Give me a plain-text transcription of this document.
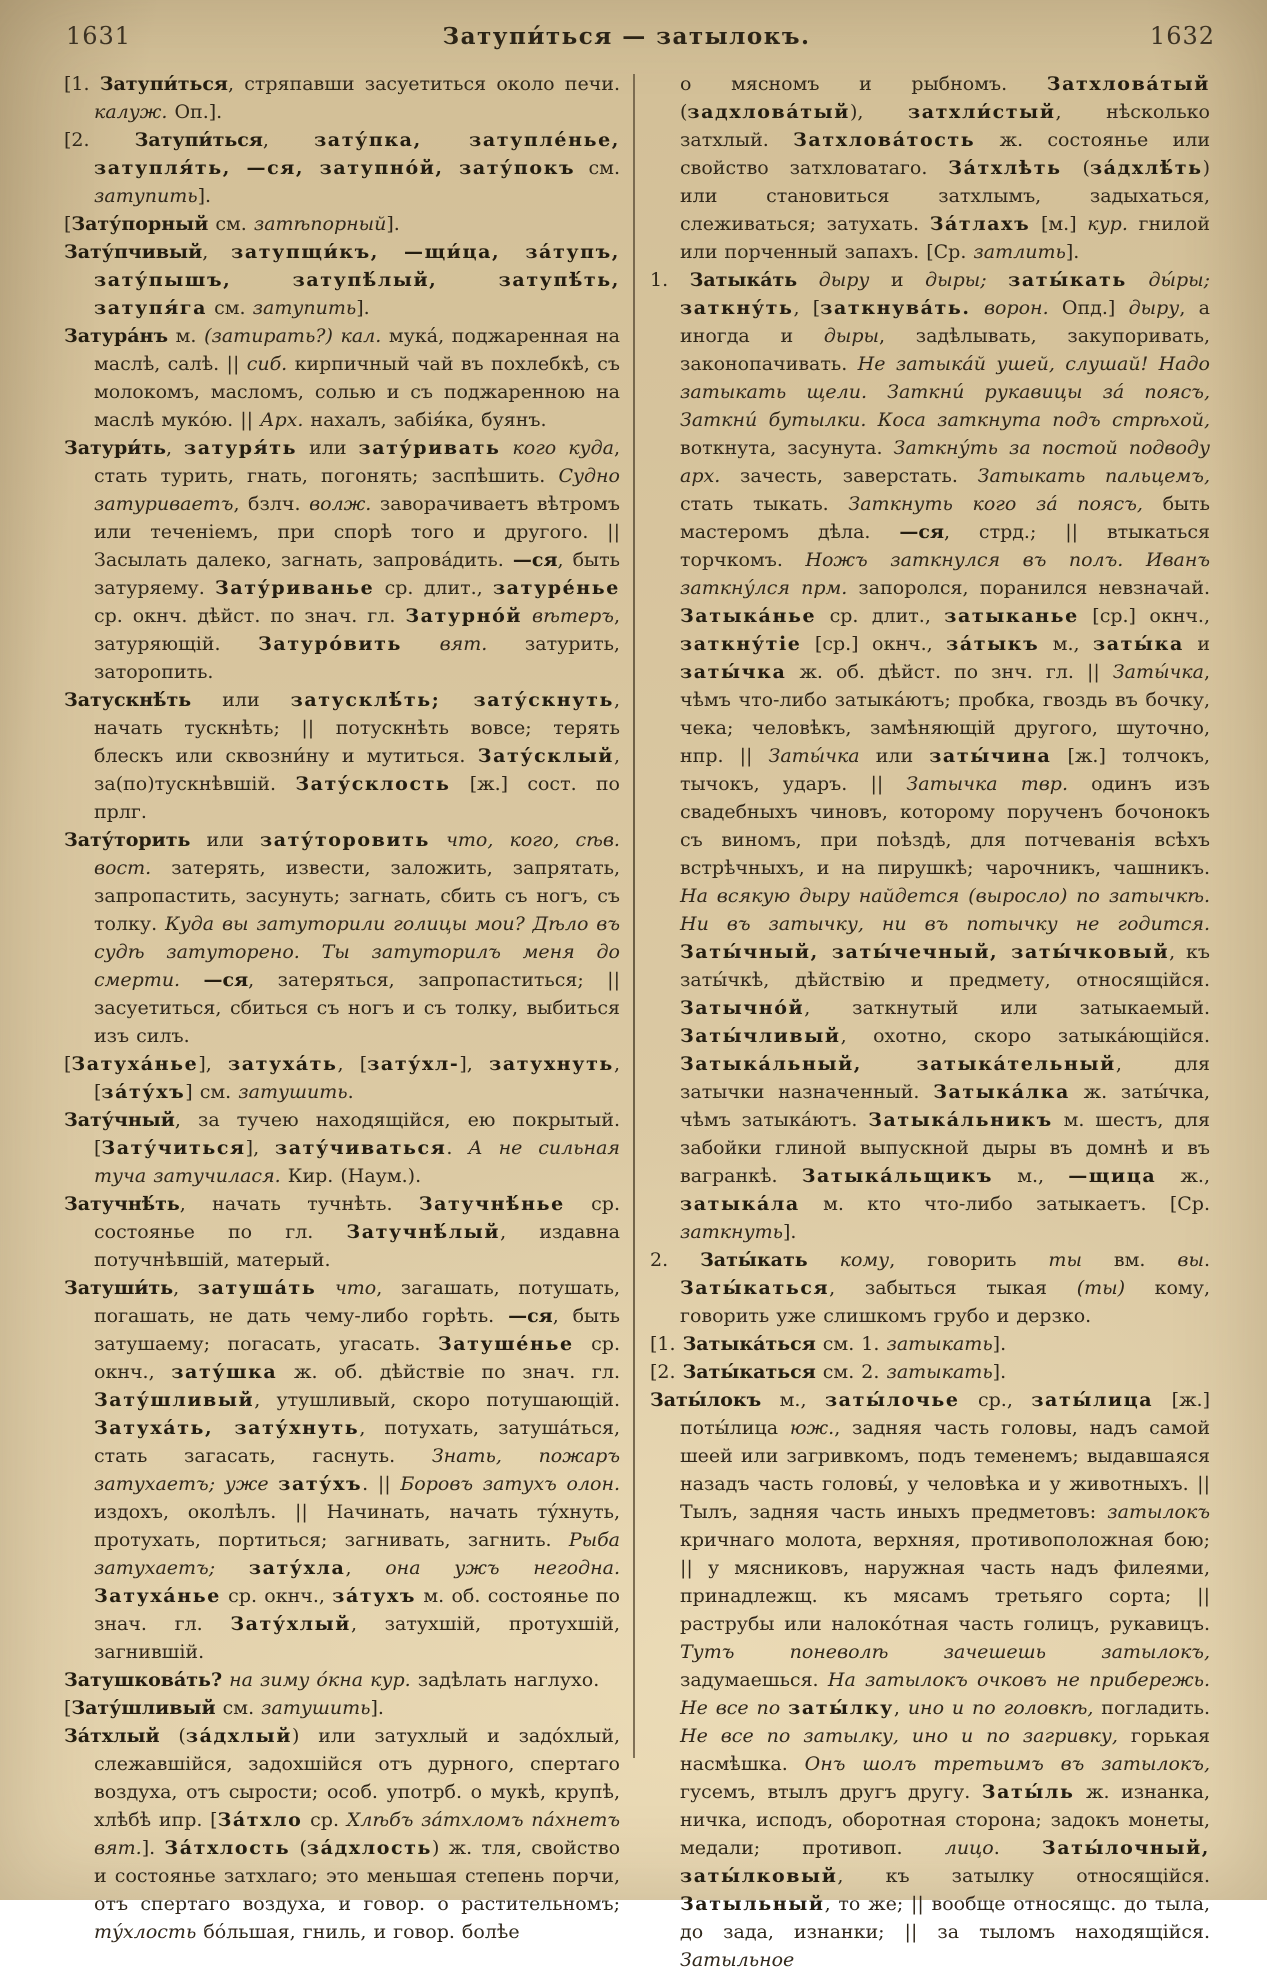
1631	Затупи́ться — затылокъ.	1632

[1. Затупи́ться, стряпавши засуетиться около печи. калуж. Оп.].

[2. Затупи́ться, зату́пка, затупле́нье, затупля́ть, —ся, затупно́й, зату́покъ см. затупить].

[Зату́порный см. затѣпорный].

Зату́пчивый, затупщи́къ, —щи́ца, за́тупъ, зату́пышъ, затупѣ́лый, затупѣ́ть, затупя́га см. затупить].

Затура́нъ м. (затирать?) кал. мука́, поджаренная на маслѣ, салѣ. || сиб. кирпичный чай въ похлебкѣ, съ молокомъ, масломъ, солью и съ поджаренною на маслѣ муко́ю. || Арх. нахалъ, забія́ка, буянъ.

Затури́ть, затуря́ть или зату́ривать кого куда, стать турить, гнать, погонять; заспѣшить. Судно затуриваетъ, бзлч. волж. заворачиваетъ вѣтромъ или теченіемъ, при спорѣ того и другого. || Засылать далеко, загнать, запрова́дить. —ся, быть затуряему. Зату́риванье ср. длит., затуре́нье ср. окнч. дѣйст. по знач. гл. Затурно́й вѣтеръ, затуряющій. Затуро́вить вят. затурить, заторопить.

Затускнѣ́ть или затусклѣ́ть; зату́скнуть, начать тускнѣть; || потускнѣть вовсе; терять блескъ или сквозни́ну и мутиться. Зату́склый, за(по)тускнѣвшій. Зату́склость [ж.] сост. по прлг.

Зату́торить или зату́торовить что, кого, сѣв. вост. затерять, извести, заложить, запрятать, запропастить, засунуть; загнать, сбить съ ногъ, съ толку. Куда вы затуторили голицы мои? Дѣло въ судѣ затуторено. Ты затуторилъ меня до смерти. —ся, затеряться, запропаститься; || засуетиться, сбиться съ ногъ и съ толку, выбиться изъ силъ.

[Затуха́нье], затуха́ть, [зату́хл-], затухнуть, [за́ту́хъ] см. затушить.

Зату́чный, за тучею находящійся, ею покрытый. [Зату́читься], зату́чиваться. А не сильная туча затучилася. Кир. (Наум.).

Затучнѣ́ть, начать тучнѣть. Затучнѣ́нье ср. состоянье по гл. Затучнѣ́лый, издавна потучнѣвшій, матерый.

Затуши́ть, затуша́ть что, загашать, потушать, погашать, не дать чему-либо горѣть. —ся, быть затушаему; погасать, угасать. Затуше́нье ср. окнч., зату́шка ж. об. дѣйствіе по знач. гл. Зату́шливый, утушливый, скоро потушающій. Затуха́ть, зату́хнуть, потухать, затуша́ться, стать загасать, гаснуть. Знать, пожаръ затухаетъ; уже зату́хъ. || Боровъ затухъ олон. издохъ, околѣлъ. || Начинать, начать ту́хнуть, протухать, портиться; загнивать, загнить. Рыба затухаетъ; зату́хла, она ужъ негодна. Затуха́нье ср. окнч., за́тухъ м. об. состоянье по знач. гл. Зату́хлый, затухшій, протухшій, загнившій.

Затушкова́ть? на зиму о́кна кур. задѣлать наглухо.

[Зату́шливый см. затушить].

За́тхлый (за́дхлый) или затухлый и задо́хлый, слежавшійся, задохшійся отъ дурного, спертаго воздуха, отъ сырости; особ. употрб. о мукѣ, крупѣ, хлѣбѣ ипр. [За́тхло ср. Хлѣбъ за́тхломъ па́хнетъ вят.]. За́тхлость (за́дхлость) ж. тля, свойство и состоянье затхлаго; это меньшая степень порчи, отъ спертаго воздуха, и говор. о растительномъ; ту́хлость бо́льшая, гниль, и говор. болѣе

о мясномъ и рыбномъ. Затхлова́тый (задхлова́тый), затхли́стый, нѣсколько затхлый. Затхлова́тость ж. состоянье или свойство затхловатаго. За́тхлѣть (за́дхлѣ́ть) или становиться затхлымъ, задыхаться, слеживаться; затухать. За́тлахъ [м.] кур. гнилой или порченный запахъ. [Ср. затлить].

1. Затыка́ть дыру и дыры; заты́кать ды́ры; заткну́ть, [заткнува́ть. ворон. Опд.] дыру, а иногда и дыры, задѣлывать, закупоривать, законопачивать. Не затыка́й ушей, слушай! Надо затыкать щели. Заткни́ рукавицы за́ поясъ, Заткни́ бутылки. Коса заткнута подъ стрѣхой, воткнута, засунута. Заткну́ть за постой подводу арх. зачесть, заверстать. Затыкать пальцемъ, стать тыкать. Заткнуть кого за́ поясъ, быть мастеромъ дѣла. —ся, стрд.; || втыкаться торчкомъ. Ножъ заткнулся въ полъ. Иванъ заткну́лся прм. запоролся, поранился невзначай. Затыка́нье ср. длит., затыканье [ср.] окнч., заткну́тіе [ср.] окнч., за́тыкъ м., заты́ка и заты́чка ж. об. дѣйст. по знч. гл. || Заты́чка, чѣмъ что-либо затыка́ютъ; пробка, гвоздь въ бочку, чека; человѣкъ, замѣняющій другого, шуточно, нпр. || Заты́чка или заты́чина [ж.] толчокъ, тычокъ, ударъ. || Затычка твр. одинъ изъ свадебныхъ чиновъ, которому порученъ бочонокъ съ виномъ, при поѣздѣ, для потчеванія всѣхъ встрѣчныхъ, и на пирушкѣ; чарочникъ, чашникъ. На всякую дыру найдется (выросло) по затычкѣ. Ни въ затычку, ни въ потычку не годится. Заты́чный, заты́чечный, заты́чковый, къ заты́чкѣ, дѣйствію и предмету, относящійся. Затычно́й, заткнутый или затыкаемый. Заты́чливый, охотно, скоро затыка́ющійся. Затыка́льный, затыка́тельный, для затычки назначенный. Затыка́лка ж. заты́чка, чѣмъ затыка́ютъ. Затыка́льникъ м. шестъ, для забойки глиной выпускной дыры въ домнѣ и въ вагранкѣ. Затыка́льщикъ м., —щица ж., затыка́ла м. кто что-либо затыкаетъ. [Ср. заткнуть].

2. Заты́кать кому, говорить ты вм. вы. Заты́каться, забыться тыкая (ты) кому, говорить уже слишкомъ грубо и дерзко.

[1. Затыка́ться см. 1. затыкать].

[2. Заты́каться см. 2. затыкать].

Заты́локъ м., заты́лочье ср., заты́лица [ж.] поты́лица юж., задняя часть головы, надъ самой шеей или загривкомъ, подъ теменемъ; выдавшаяся назадъ часть головы́, у человѣка и у животныхъ. || Тылъ, задняя часть иныхъ предметовъ: затылокъ кричнаго молота, верхняя, противоположная бою; || у мясниковъ, наружная часть надъ филеями, принадлежщ. къ мясамъ третьяго сорта; || раструбы или налоко́тная часть голицъ, рукавицъ. Тутъ поневолѣ зачешешь затылокъ, задумаешься. На затылокъ очковъ не прибережь. Не все по заты́лку, ино и по головкѣ, погладить. Не все по затылку, ино и по загривку, горькая насмѣшка. Онъ шолъ третьимъ въ затылокъ, гусемъ, втылъ другъ другу. Заты́ль ж. изнанка, ничка, исподъ, оборотная сторона; задокъ монеты, медали; противоп. лицо. Заты́лочный, заты́лковый, къ затылку относящійся. Затыльный, то же; || вообще относящс. до тыла, до зада, изнанки; || за тыломъ находящійся. Затыльное
